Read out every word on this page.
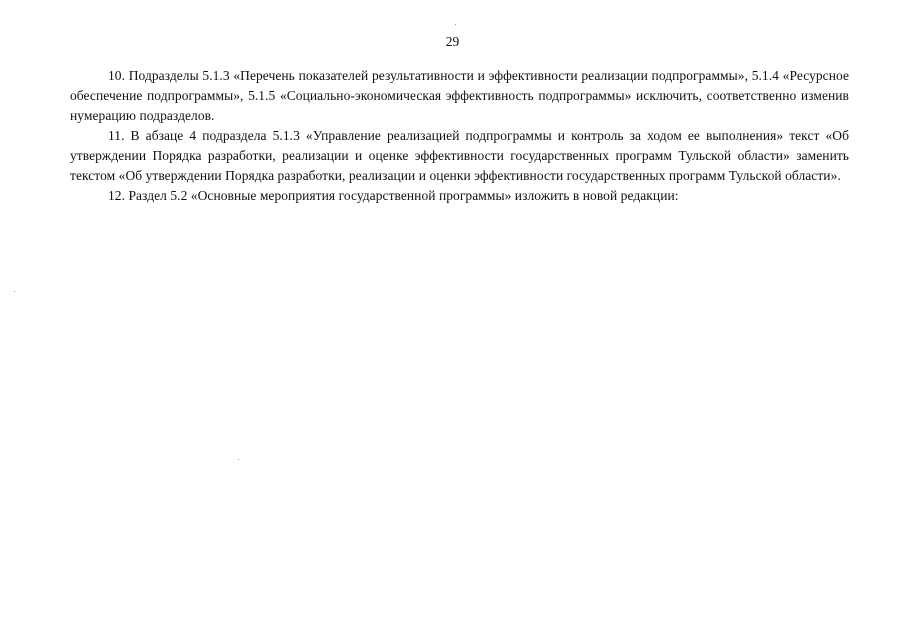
29

10. Подразделы 5.1.3 «Перечень показателей результативности и эффективности реализации подпрограммы», 5.1.4 «Ресурсное обеспечение подпрограммы», 5.1.5 «Социально-экономическая эффективность подпрограммы» исключить, соответственно изменив нумерацию подразделов.

11. В абзаце 4 подраздела 5.1.3 «Управление реализацией подпрограммы и контроль за ходом ее выполнения» текст «Об утверждении Порядка разработки, реализации и оценке эффективности государственных программ Тульской области» заменить текстом «Об утверждении Порядка разработки, реализации и оценки эффективности государственных программ Тульской области».

12. Раздел 5.2 «Основные мероприятия государственной программы» изложить в новой редакции:
